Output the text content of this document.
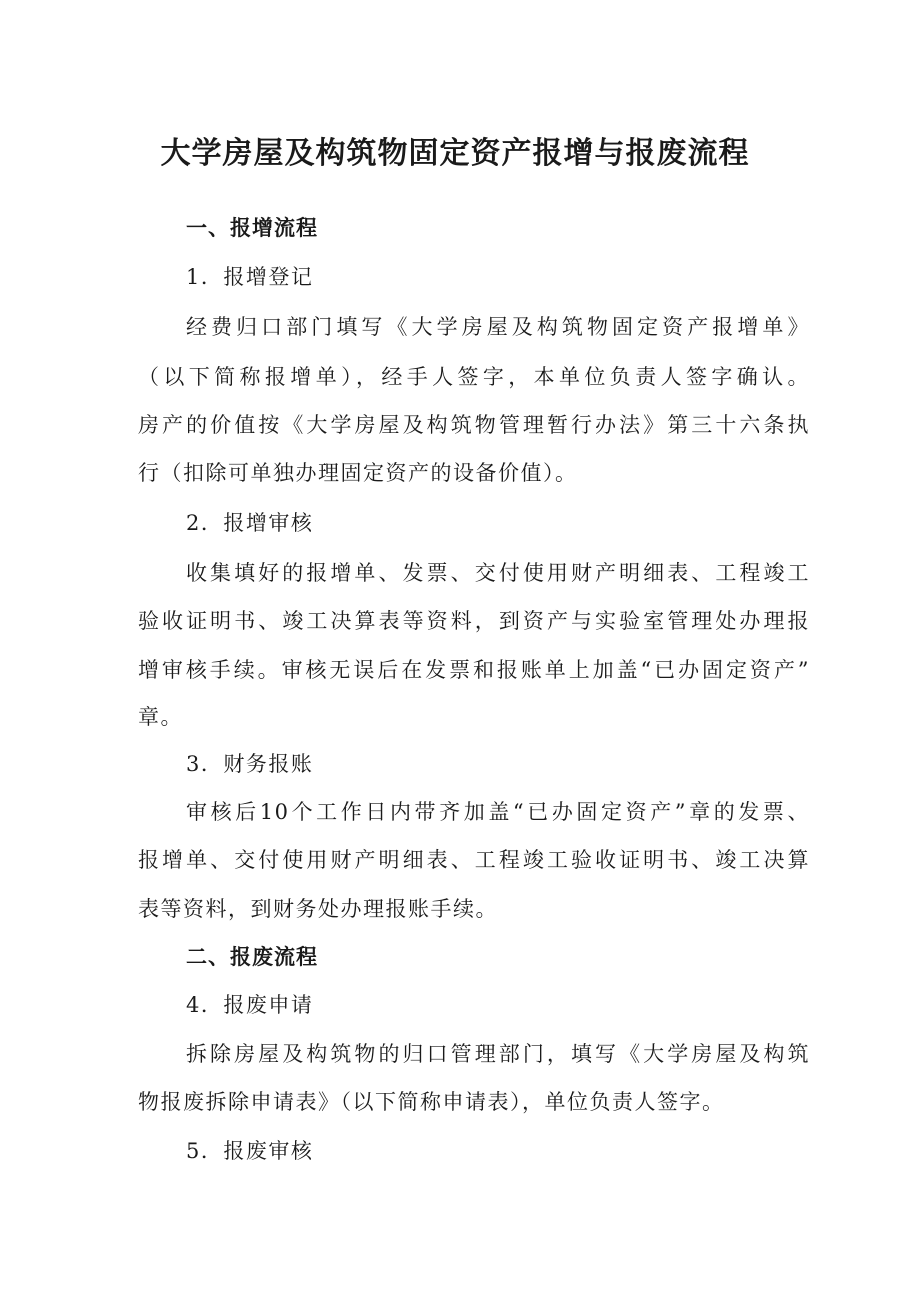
大学房屋及构筑物固定资产报增与报废流程
一、报增流程
1．报增登记
经费归口部门填写《大学房屋及构筑物固定资产报增单》
（以下简称报增单），经手人签字，本单位负责人签字确认。
房产的价值按《大学房屋及构筑物管理暂行办法》第三十六条执
行（扣除可单独办理固定资产的设备价值）。
2．报增审核
收集填好的报增单、发票、交付使用财产明细表、工程竣工
验收证明书、竣工决算表等资料，到资产与实验室管理处办理报
增审核手续。审核无误后在发票和报账单上加盖“已办固定资产”
章。
3．财务报账
审核后10个工作日内带齐加盖“已办固定资产”章的发票、
报增单、交付使用财产明细表、工程竣工验收证明书、竣工决算
表等资料，到财务处办理报账手续。
二、报废流程
4．报废申请
拆除房屋及构筑物的归口管理部门，填写《大学房屋及构筑
物报废拆除申请表》（以下简称申请表），单位负责人签字。
5．报废审核
